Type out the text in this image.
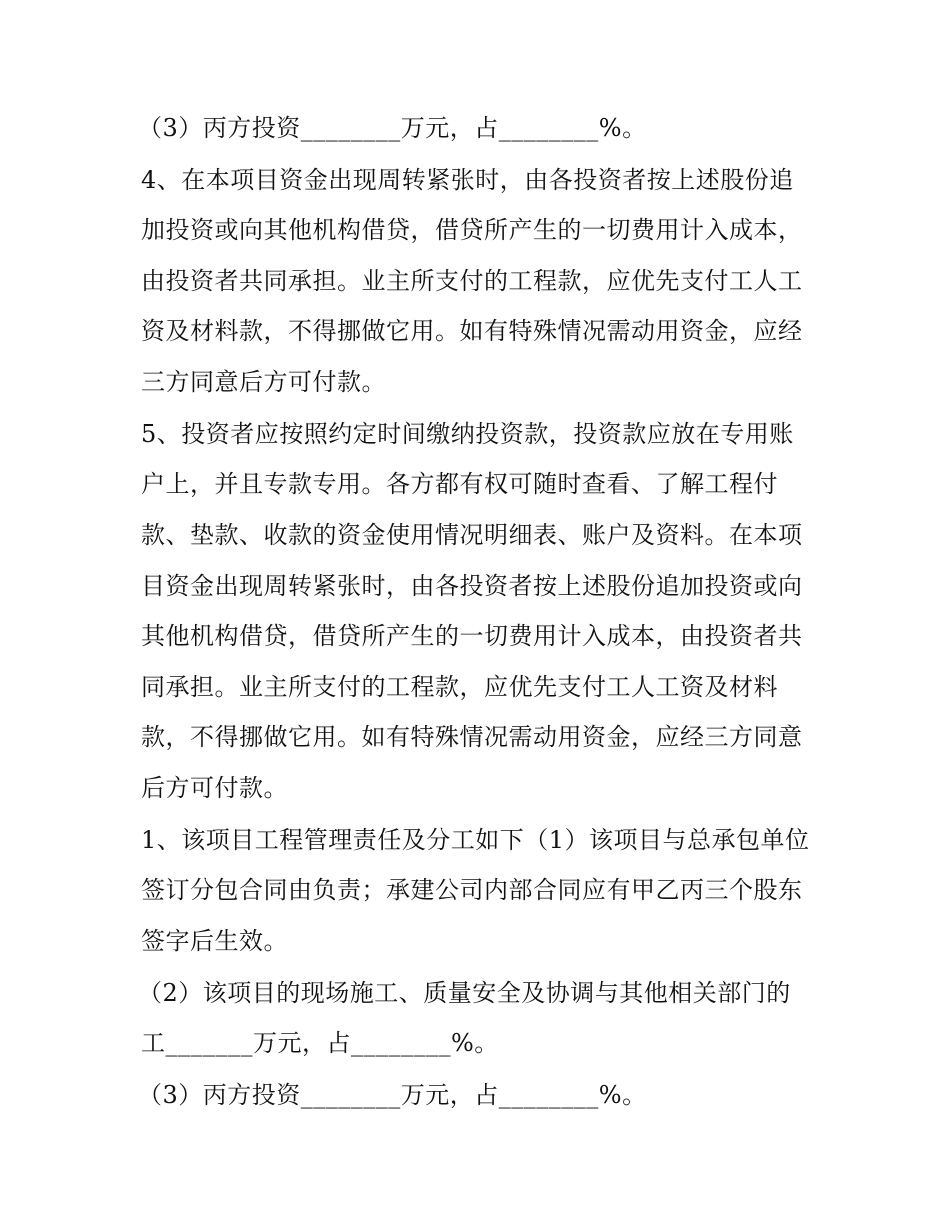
（3）丙方投资________万元，占________%。
4、在本项目资金出现周转紧张时，由各投资者按上述股份追
加投资或向其他机构借贷，借贷所产生的一切费用计入成本，
由投资者共同承担。业主所支付的工程款，应优先支付工人工
资及材料款，不得挪做它用。如有特殊情况需动用资金，应经
三方同意后方可付款。
5、投资者应按照约定时间缴纳投资款，投资款应放在专用账
户上，并且专款专用。各方都有权可随时查看、了解工程付
款、垫款、收款的资金使用情况明细表、账户及资料。在本项
目资金出现周转紧张时，由各投资者按上述股份追加投资或向
其他机构借贷，借贷所产生的一切费用计入成本，由投资者共
同承担。业主所支付的工程款，应优先支付工人工资及材料
款，不得挪做它用。如有特殊情况需动用资金，应经三方同意
后方可付款。
1、该项目工程管理责任及分工如下（1）该项目与总承包单位
签订分包合同由负责；承建公司内部合同应有甲乙丙三个股东
签字后生效。
（2）该项目的现场施工、质量安全及协调与其他相关部门的
工_______万元，占________%。
（3）丙方投资________万元，占________%。
